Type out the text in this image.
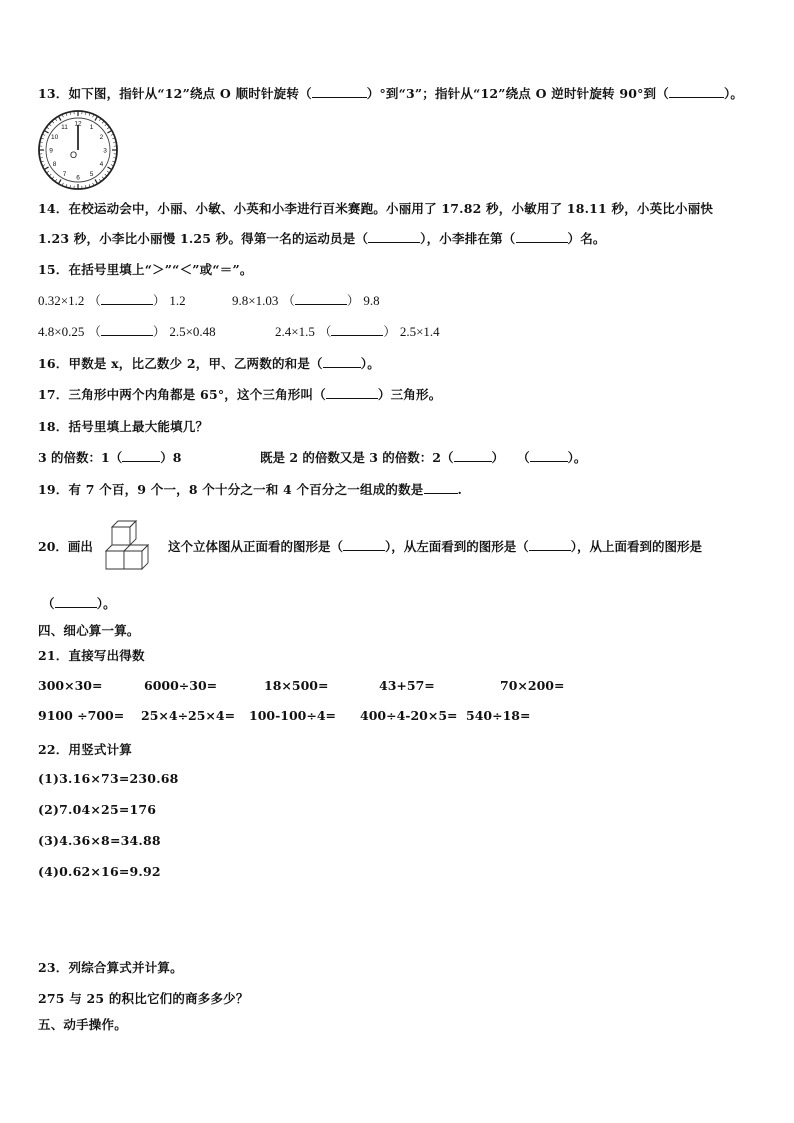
13．如下图，指针从“12”绕点 O 顺时针旋转（	）°到“3”；指针从“12”绕点 O 逆时针旋转 90°到（	）。
12
1
2
3
4
5
6
7
8
9
10
11
O
14．在校运动会中，小丽、小敏、小英和小李进行百米赛跑。小丽用了 17.82 秒，小敏用了 18.11 秒，小英比小丽快
1.23 秒，小李比小丽慢 1.25 秒。得第一名的运动员是（	），小李排在第（	）名。
15．在括号里填上“＞”“＜”或“＝”。
0.32×1.2 （	） 1.2	9.8×1.03 （	） 9.8
4.8×0.25 （	） 2.5×0.48	2.4×1.5 （	） 2.5×1.4
16．甲数是 x，比乙数少 2，甲、乙两数的和是（	）。
17．三角形中两个内角都是 65°，这个三角形叫（	）三角形。
18．括号里填上最大能填几？
3 的倍数：1（	）8	既是 2 的倍数又是 3 的倍数：2（	） （	）。
19．有 7 个百，9 个一，8 个十分之一和 4 个百分之一组成的数是	.
20．画出	这个立体图从正面看的图形是（	），从左面看到的图形是（	），从上面看到的图形是
（	）。
四、细心算一算。
21．直接写出得数
300×30=	6000÷30=	18×500=	43+57=	70×200=
9100 ÷700= 25×4÷25×4= 100-100÷4= 400÷4-20×5= 540÷18=
22．用竖式计算
(1)3.16×73=230.68
(2)7.04×25=176
(3)4.36×8=34.88
(4)0.62×16=9.92
23．列综合算式并计算。
275 与 25 的积比它们的商多多少？
五、动手操作。
